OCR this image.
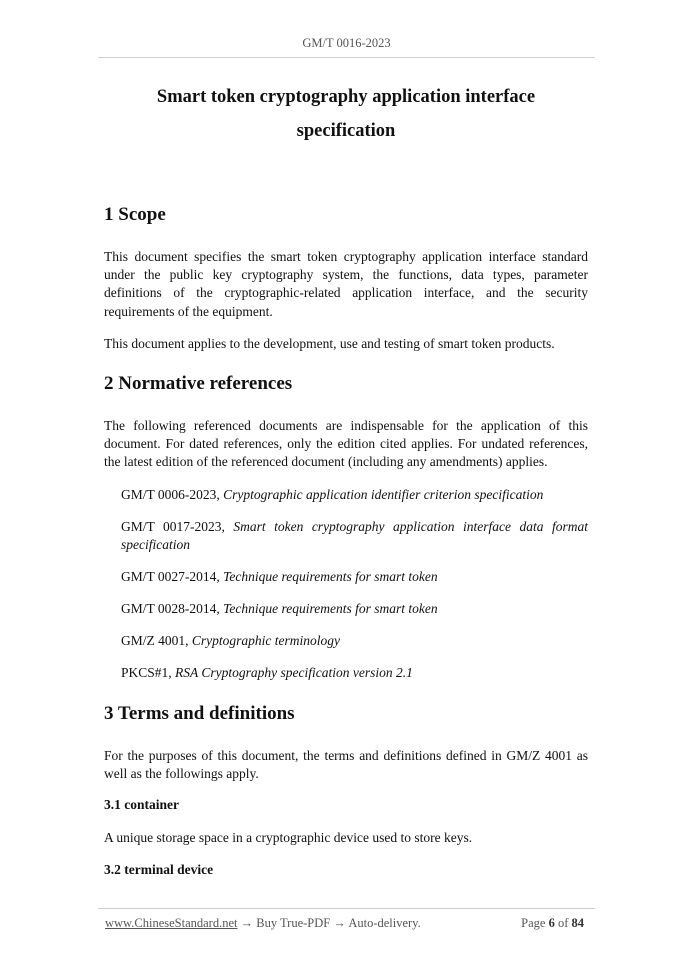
GM/T 0016-2023
Smart token cryptography application interface
specification
1 Scope

This document specifies the smart token cryptography application interface standard under the public key cryptography system, the functions, data types, parameter definitions of the cryptographic-related application interface, and the security requirements of the equipment.

This document applies to the development, use and testing of smart token products.

2 Normative references

The following referenced documents are indispensable for the application of this document. For dated references, only the edition cited applies. For undated references, the latest edition of the referenced document (including any amendments) applies.

GM/T 0006-2023, Cryptographic application identifier criterion specification

GM/T 0017-2023, Smart token cryptography application interface data format specification

GM/T 0027-2014, Technique requirements for smart token

GM/T 0028-2014, Technique requirements for smart token

GM/Z 4001, Cryptographic terminology

PKCS#1, RSA Cryptography specification version 2.1

3 Terms and definitions

For the purposes of this document, the terms and definitions defined in GM/Z 4001 as well as the followings apply.

3.1 container

A unique storage space in a cryptographic device used to store keys.

3.2 terminal device

www.ChineseStandard.net → Buy True-PDF → Auto-delivery.	Page 6 of 84
